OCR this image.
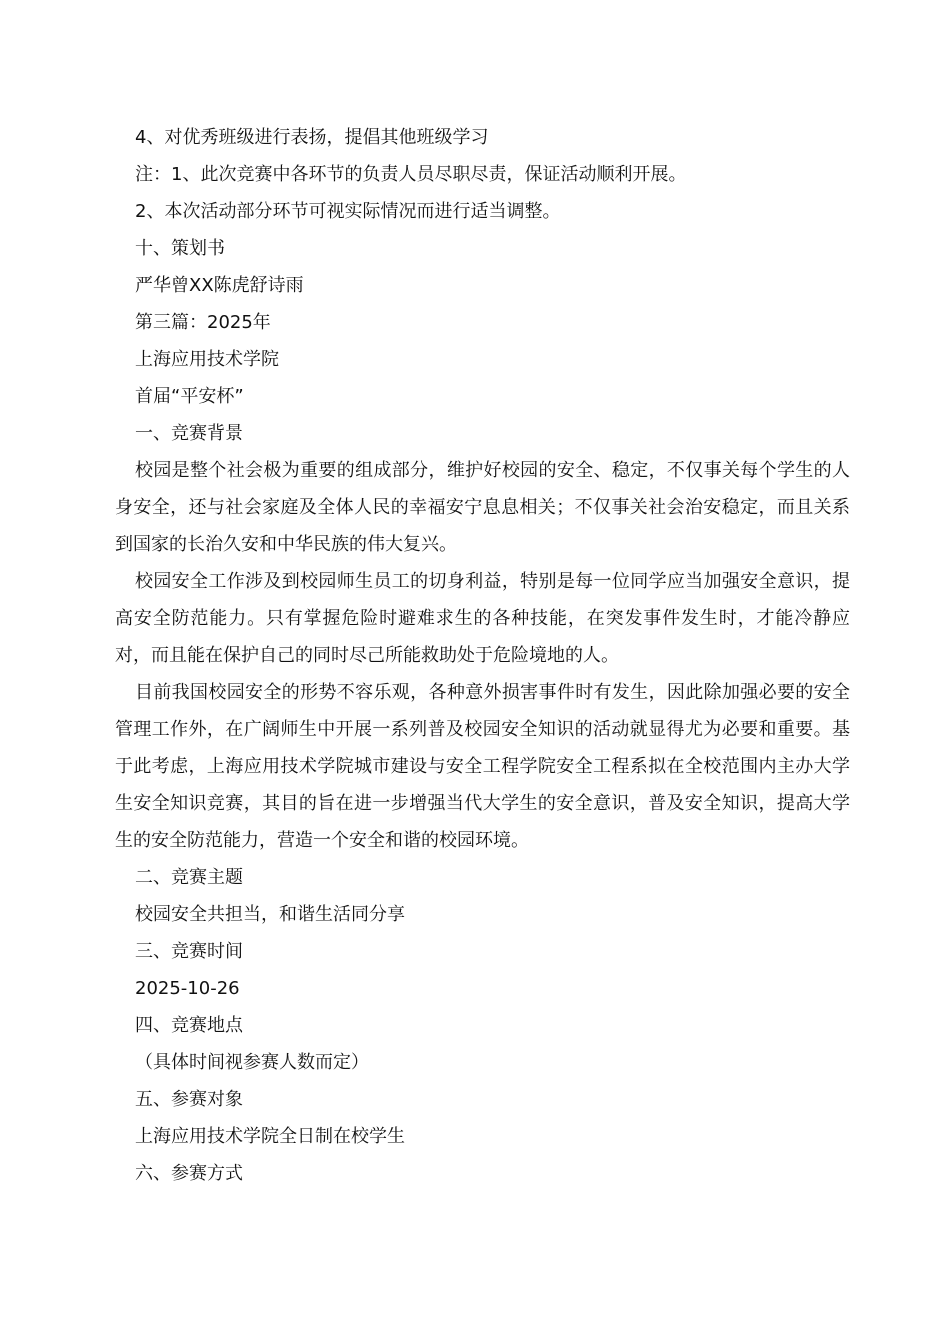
4、对优秀班级进行表扬，提倡其他班级学习
注：1、此次竞赛中各环节的负责人员尽职尽责，保证活动顺利开展。
2、本次活动部分环节可视实际情况而进行适当调整。
十、策划书
严华曾XX陈虎舒诗雨
第三篇：2025年
上海应用技术学院
首届“平安杯”
一、竞赛背景

校园是整个社会极为重要的组成部分，维护好校园的安全、稳定，不仅事关每个学生的人身安全，还与社会家庭及全体人民的幸福安宁息息相关；不仅事关社会治安稳定，而且关系到国家的长治久安和中华民族的伟大复兴。

校园安全工作涉及到校园师生员工的切身利益，特别是每一位同学应当加强安全意识，提高安全防范能力。只有掌握危险时避难求生的各种技能，在突发事件发生时，才能冷静应对，而且能在保护自己的同时尽己所能救助处于危险境地的人。

目前我国校园安全的形势不容乐观，各种意外损害事件时有发生，因此除加强必要的安全管理工作外，在广阔师生中开展一系列普及校园安全知识的活动就显得尤为必要和重要。基于此考虑，上海应用技术学院城市建设与安全工程学院安全工程系拟在全校范围内主办大学生安全知识竞赛，其目的旨在进一步增强当代大学生的安全意识，普及安全知识，提高大学生的安全防范能力，营造一个安全和谐的校园环境。

二、竞赛主题
校园安全共担当，和谐生活同分享
三、竞赛时间
2025-10-26
四、竞赛地点
（具体时间视参赛人数而定）
五、参赛对象
上海应用技术学院全日制在校学生
六、参赛方式
